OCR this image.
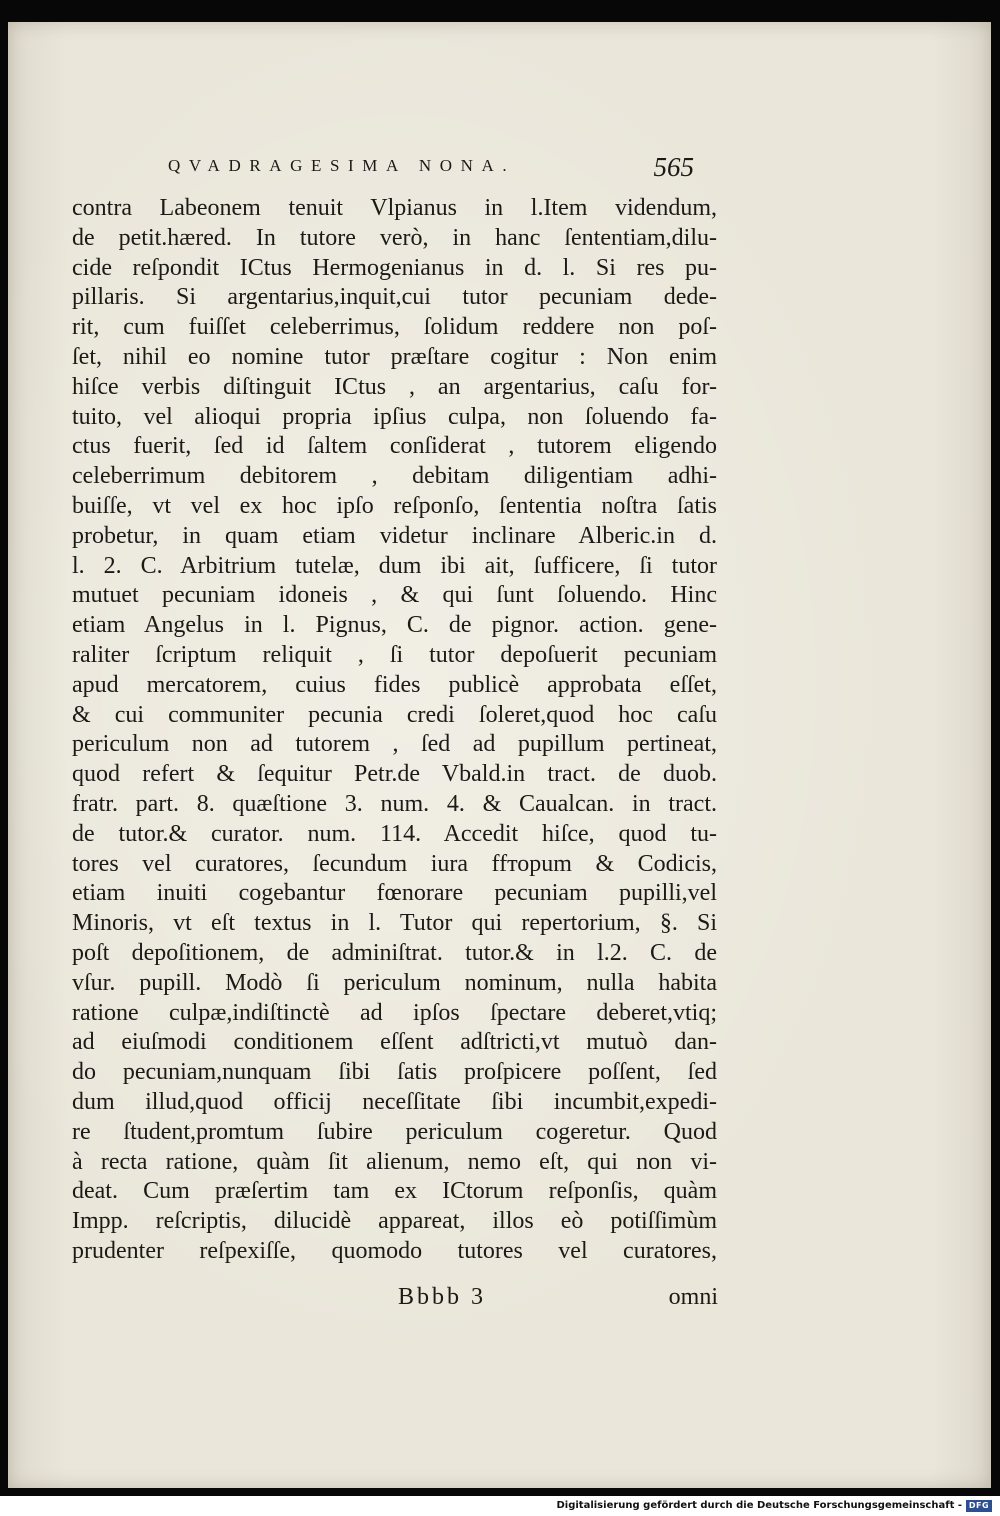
QVADRAGESIMA NONA.	565
contra Labeonem tenuit Vlpianus in l.Item videndum,
de petit.hæred. In tutore verò, in hanc ſententiam,dilu-
cide reſpondit ICtus Hermogenianus in d. l. Si res pu-
pillaris. Si argentarius,inquit,cui tutor pecuniam dede-
rit, cum fuiſſet celeberrimus, ſolidum reddere non poſ-
ſet, nihil eo nomine tutor præſtare cogitur : Non enim
hiſce verbis diſtinguit ICtus , an argentarius, caſu for-
tuito, vel alioqui propria ipſius culpa, non ſoluendo fa-
ctus fuerit, ſed id ſaltem conſiderat , tutorem eligendo
celeberrimum debitorem , debitam diligentiam adhi-
buiſſe, vt vel ex hoc ipſo reſponſo, ſententia noſtra ſatis
probetur, in quam etiam videtur inclinare Alberic.in d.
l. 2. C. Arbitrium tutelæ, dum ibi ait, ſufficere, ſi tutor
mutuet pecuniam idoneis , & qui ſunt ſoluendo. Hinc
etiam Angelus in l. Pignus, C. de pignor. action. gene-
raliter ſcriptum reliquit , ſi tutor depoſuerit pecuniam
apud mercatorem, cuius fides publicè approbata eſſet,
& cui communiter pecunia credi ſoleret,quod hoc caſu
periculum non ad tutorem , ſed ad pupillum pertineat,
quod refert & ſequitur Petr.de Vbald.in tract. de duob.
fratr. part. 8. quæſtione 3. num. 4. & Caualcan. in tract.
de tutor.& curator. num. 114. Accedit hiſce, quod tu-
tores vel curatores, ſecundum iura ffторum & Codicis,
etiam inuiti cogebantur fœnorare pecuniam pupilli,vel
Minoris, vt eſt textus in l. Tutor qui repertorium, §. Si
poſt depoſitionem, de adminiſtrat. tutor.& in l.2. C. de
vſur. pupill. Modò ſi periculum nominum, nulla habita
ratione culpæ,indiſtinctè ad ipſos ſpectare deberet,vtiq;
ad eiuſmodi conditionem eſſent adſtricti,vt mutuò dan-
do pecuniam,nunquam ſibi ſatis proſpicere poſſent, ſed
dum illud,quod officij neceſſitate ſibi incumbit,expedi-
re ſtudent,promtum ſubire periculum cogeretur. Quod
à recta ratione, quàm ſit alienum, nemo eſt, qui non vi-
deat. Cum præſertim tam ex ICtorum reſponſis, quàm
Impp. reſcriptis, dilucidè appareat, illos eò potiſſimùm
prudenter reſpexiſſe, quomodo tutores vel curatores,
Bbbb 3	omni
Digitalisierung gefördert durch die Deutsche Forschungsgemeinschaft - DFG
